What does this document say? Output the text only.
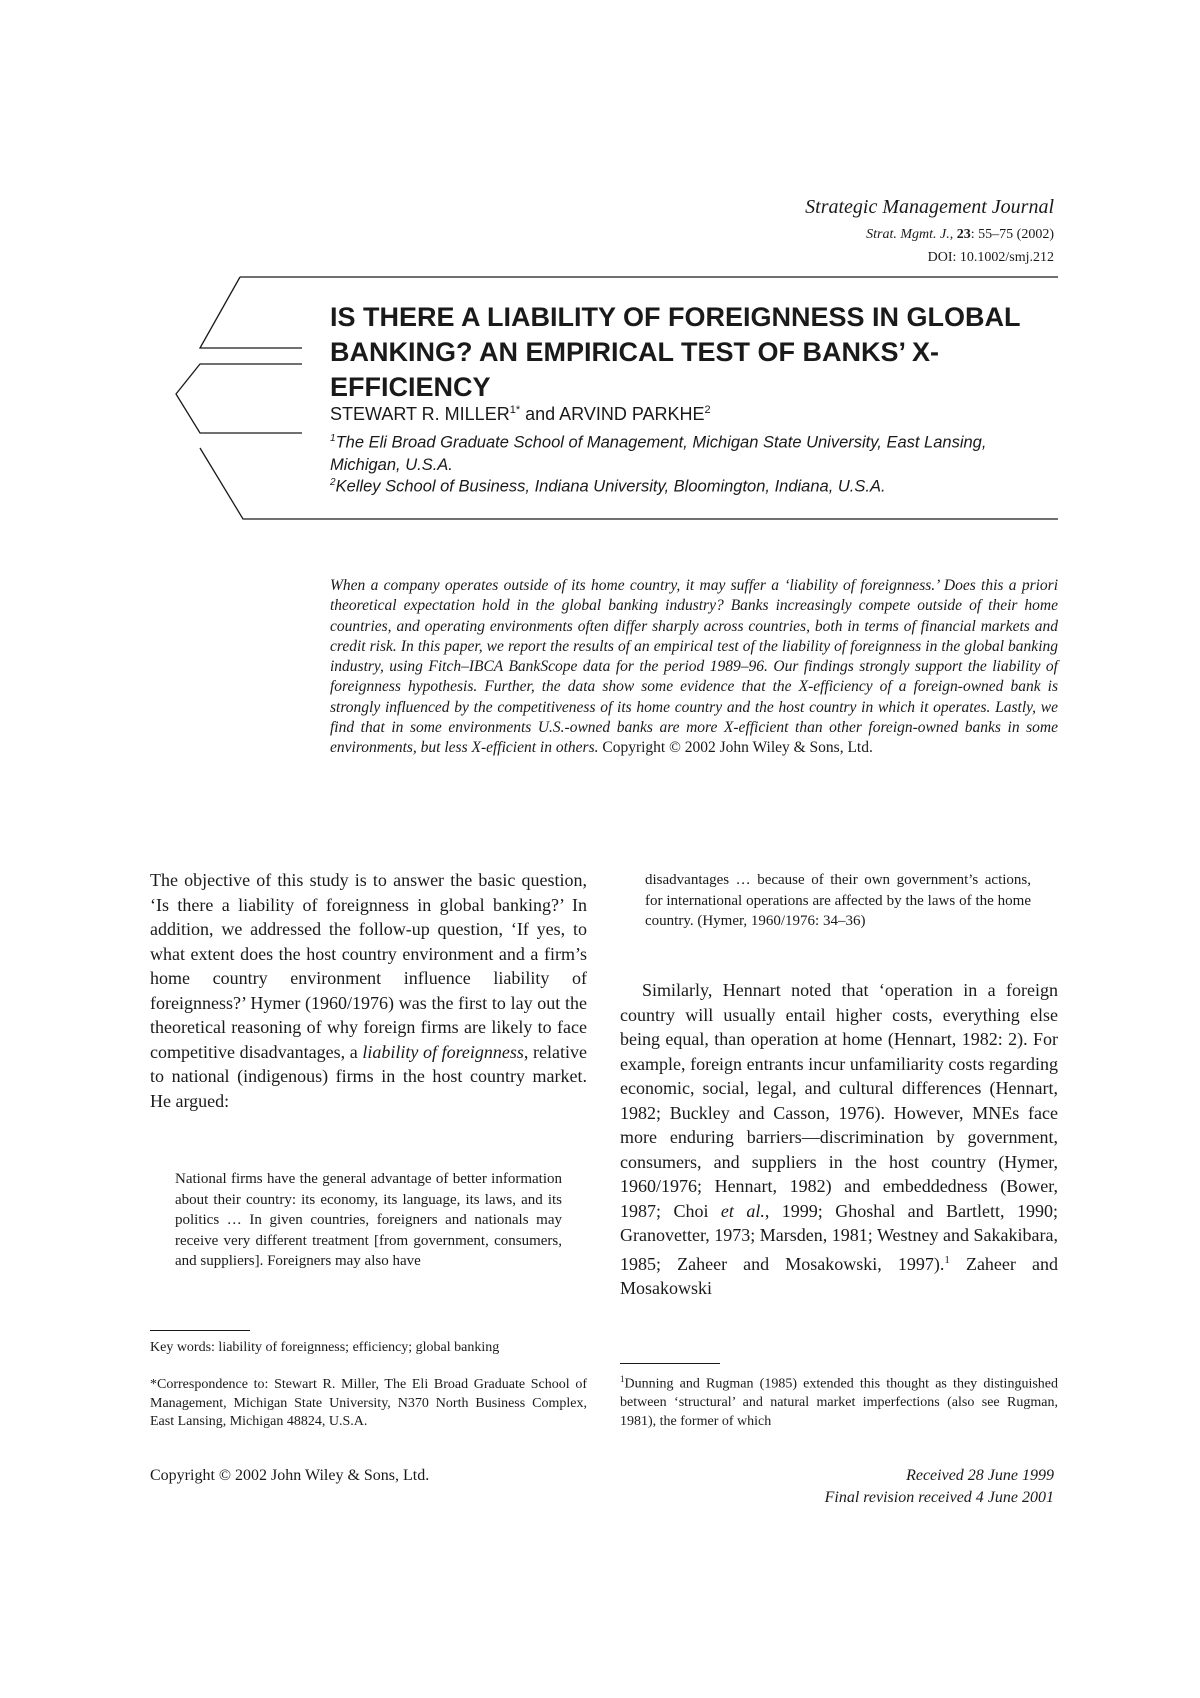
Strategic Management Journal
Strat. Mgmt. J., 23: 55–75 (2002)
DOI: 10.1002/smj.212
IS THERE A LIABILITY OF FOREIGNNESS IN GLOBAL BANKING? AN EMPIRICAL TEST OF BANKS’ X-EFFICIENCY
STEWART R. $MILLER^{1*}$ and ARVIND PARKHE$^2$
$^1$The Eli Broad Graduate School of Management, Michigan State University, East Lansing, Michigan, U.S.A.
$^2$Kelley School of Business, Indiana University, Bloomington, Indiana, U.S.A.
When a company operates outside of its home country, it may suffer a ‘liability of foreignness.’ Does this a priori theoretical expectation hold in the global banking industry? Banks increasingly compete outside of their home countries, and operating environments often differ sharply across countries, both in terms of financial markets and credit risk. In this paper, we report the results of an empirical test of the liability of foreignness in the global banking industry, using Fitch–IBCA BankScope data for the period 1989–96. Our findings strongly support the liability of foreignness hypothesis. Further, the data show some evidence that the X-efficiency of a foreign-owned bank is strongly influenced by the competitiveness of its home country and the host country in which it operates. Lastly, we find that in some environments U.S.-owned banks are more X-efficient than other foreign-owned banks in some environments, but less X-efficient in others. Copyright © 2002 John Wiley & Sons, Ltd.
The objective of this study is to answer the basic question, ‘Is there a liability of foreignness in global banking?’ In addition, we addressed the follow-up question, ‘If yes, to what extent does the host country environment and a firm’s home country environment influence liability of foreignness?’ Hymer (1960/1976) was the first to lay out the theoretical reasoning of why foreign firms are likely to face competitive disadvantages, a liability of foreignness, relative to national (indigenous) firms in the host country market. He argued:
National firms have the general advantage of better information about their country: its economy, its language, its laws, and its politics … In given countries, foreigners and nationals may receive very different treatment [from government, consumers, and suppliers]. Foreigners may also have
disadvantages … because of their own government’s actions, for international operations are affected by the laws of the home country. (Hymer, 1960/1976: 34–36)
Similarly, Hennart noted that ‘operation in a foreign country will usually entail higher costs, everything else being equal, than operation at home (Hennart, 1982: 2). For example, foreign entrants incur unfamiliarity costs regarding economic, social, legal, and cultural differences (Hennart, 1982; Buckley and Casson, 1976). However, MNEs face more enduring barriers—discrimination by government, consumers, and suppliers in the host country (Hymer, 1960/1976; Hennart, 1982) and embeddedness (Bower, 1987; Choi et al., 1999; Ghoshal and Bartlett, 1990; Granovetter, 1973; Marsden, 1981; Westney and Sakakibara, 1985; Zaheer and Mosakowski, 1997).$^1$ Zaheer and Mosakowski
Key words: liability of foreignness; efficiency; global banking
*Correspondence to: Stewart R. Miller, The Eli Broad Graduate School of Management, Michigan State University, N370 North Business Complex, East Lansing, Michigan 48824, U.S.A.
$^1$Dunning and Rugman (1985) extended this thought as they distinguished between ‘structural’ and natural market imperfections (also see Rugman, 1981), the former of which
Copyright © 2002 John Wiley & Sons, Ltd.	Received 28 June 1999
Final revision received 4 June 2001
